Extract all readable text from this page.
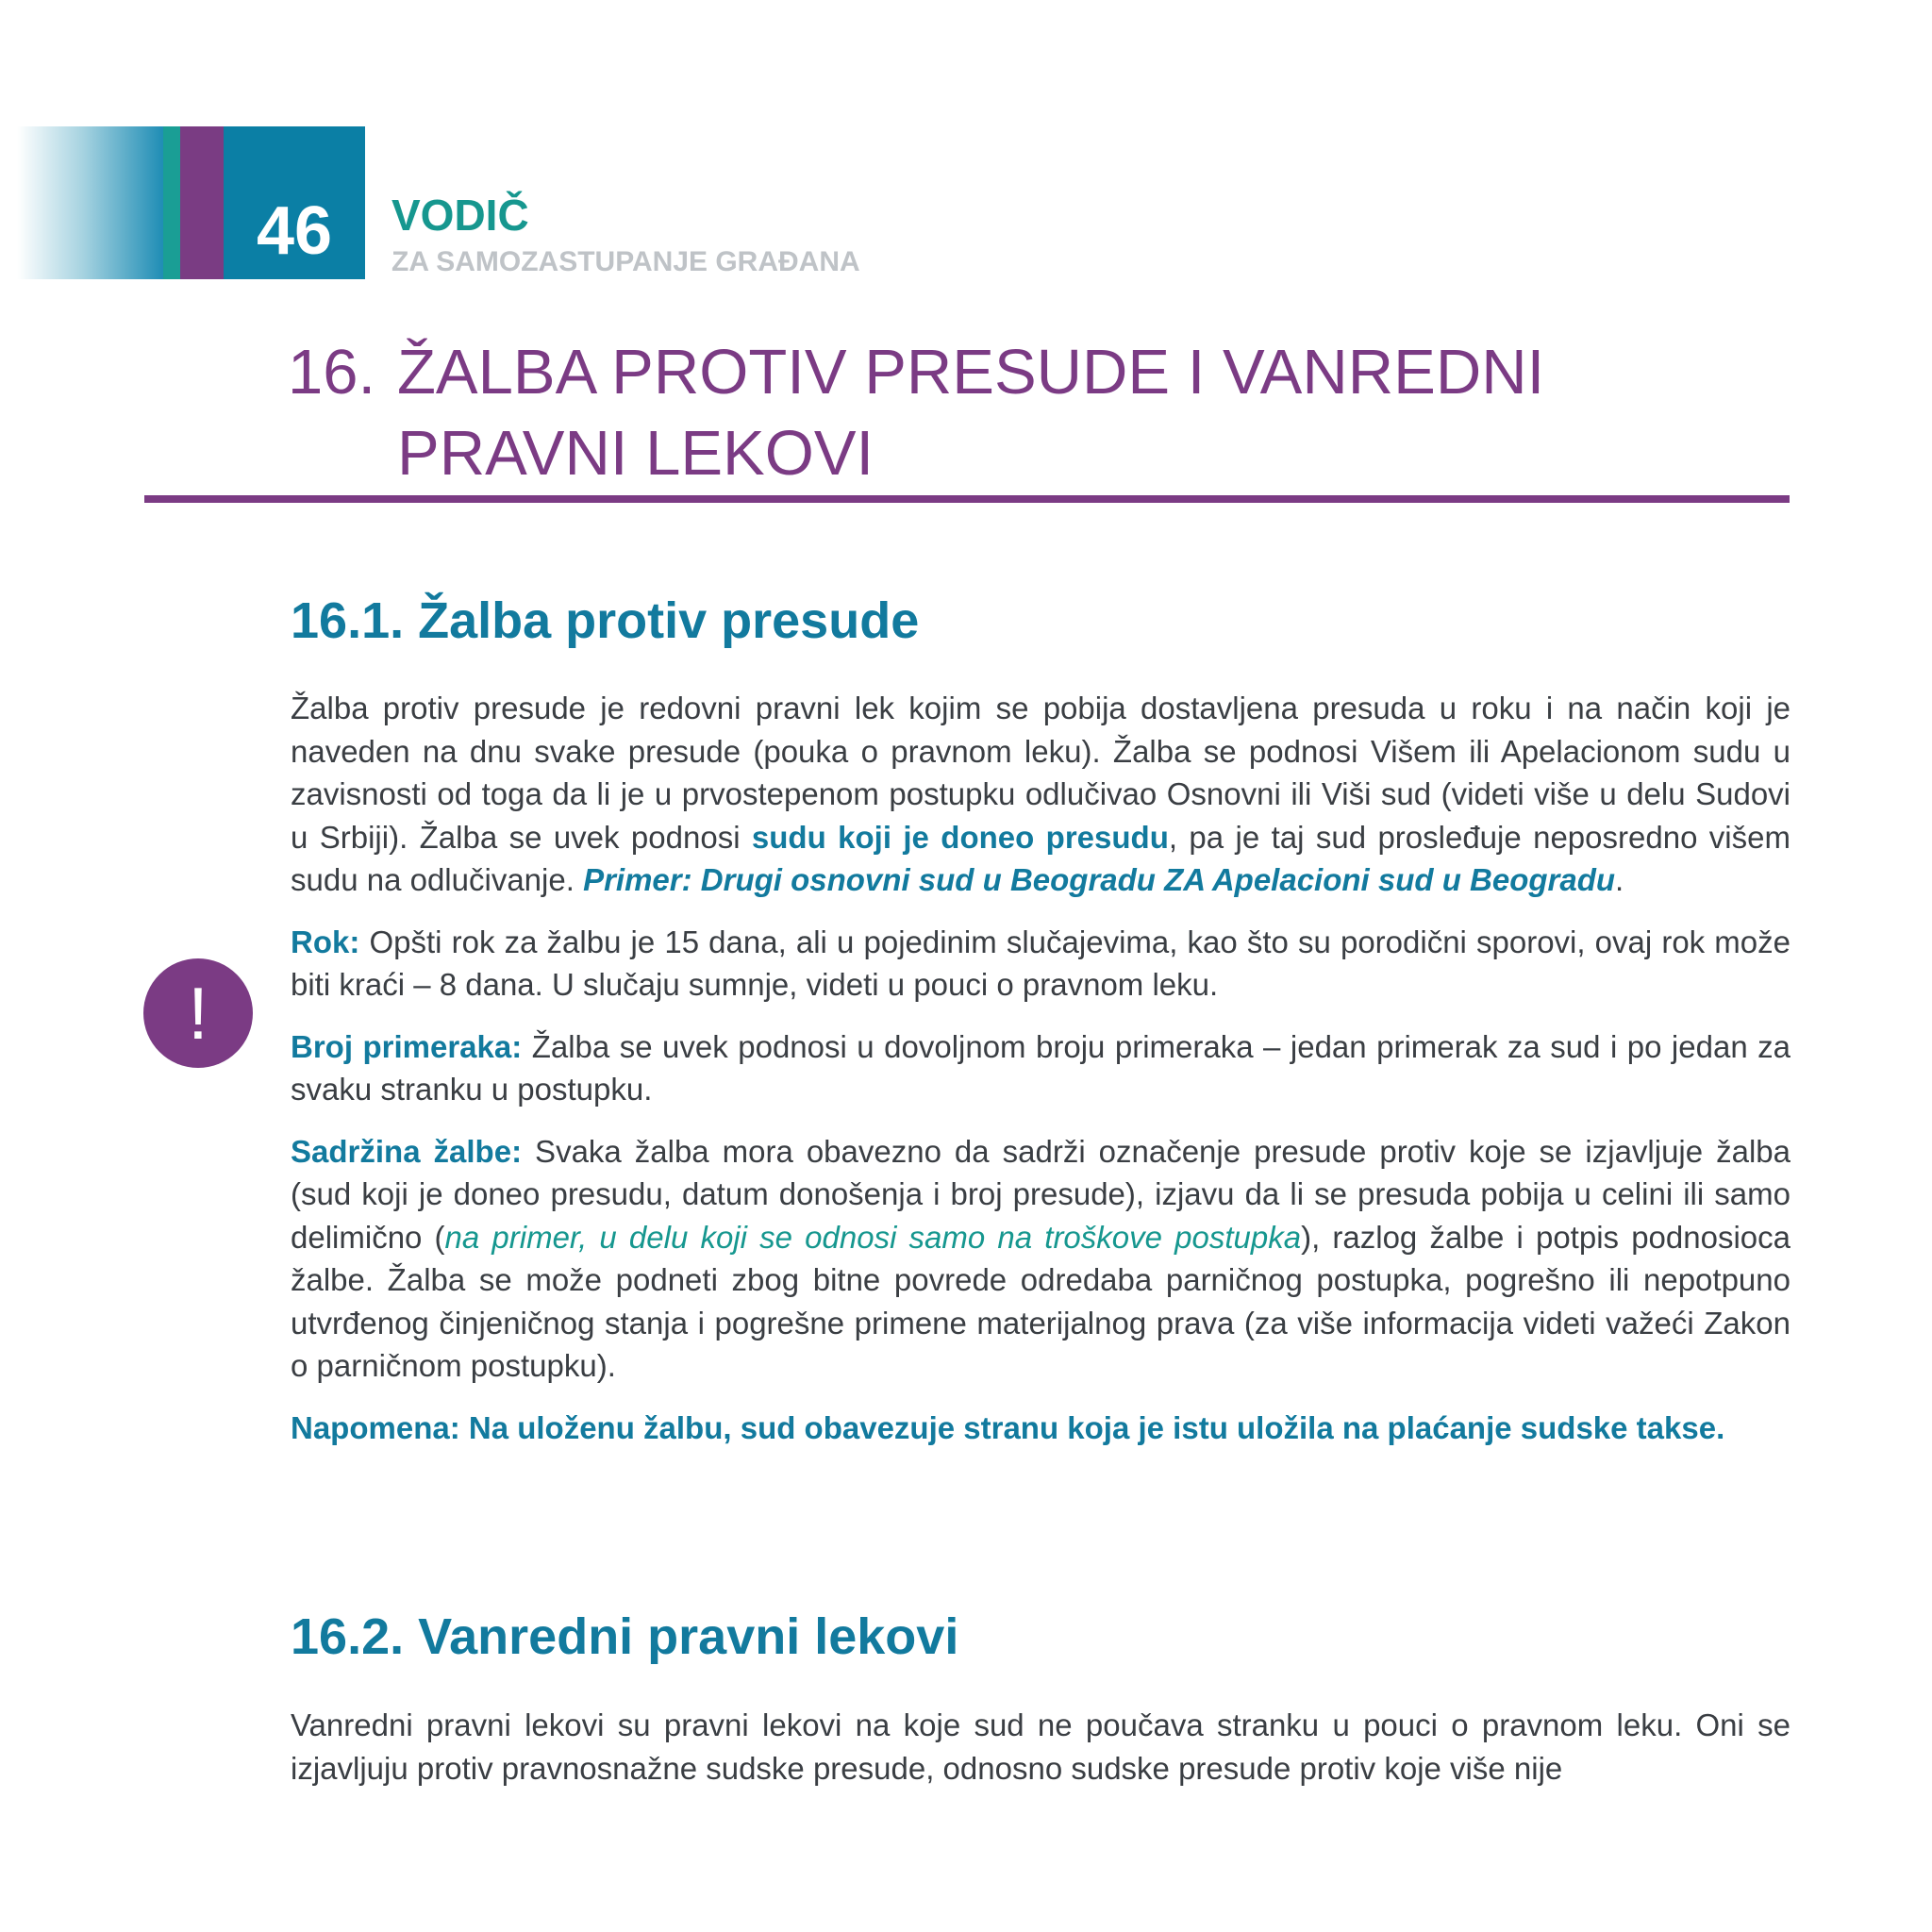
46	VODIČ
ZA SAMOZASTUPANJE GRAĐANA
16. ŽALBA PROTIV PRESUDE I VANREDNI
PRAVNI LEKOVI
16.1. Žalba protiv presude

Žalba protiv presude je redovni pravni lek kojim se pobija dostavljena presuda u roku i na način koji je naveden na dnu svake presude (pouka o pravnom leku). Žalba se podnosi Višem ili Apelacionom sudu u zavisnosti od toga da li je u prvostepenom postupku odlučivao Osnovni ili Viši sud (videti više u delu Sudovi u Srbiji). Žalba se uvek podnosi sudu koji je doneo presudu, pa je taj sud prosleđuje neposredno višem sudu na odlučivanje. Primer: Drugi osnovni sud u Beogradu ZA Apelacioni sud u Beogradu.

Rok: Opšti rok za žalbu je 15 dana, ali u pojedinim slučajevima, kao što su porodični sporovi, ovaj rok može biti kraći – 8 dana. U slučaju sumnje, videti u pouci o pravnom leku.

Broj primeraka: Žalba se uvek podnosi u dovoljnom broju primeraka – jedan primerak za sud i po jedan za svaku stranku u postupku.

Sadržina žalbe: Svaka žalba mora obavezno da sadrži označenje presude protiv koje se izjavljuje žalba (sud koji je doneo presudu, datum donošenja i broj presude), izjavu da li se presuda pobija u celini ili samo delimično (na primer, u delu koji se odnosi samo na troškove postupka), razlog žalbe i potpis podnosioca žalbe. Žalba se može podneti zbog bitne povrede odredaba parničnog postupka, pogrešno ili nepotpuno utvrđenog činjeničnog stanja i pogrešne primene materijalnog prava (za više informacija videti važeći Zakon o parničnom postupku).

Napomena: Na uloženu žalbu, sud obavezuje stranu koja je istu uložila na plaćanje sudske takse.

!
16.2. Vanredni pravni lekovi

Vanredni pravni lekovi su pravni lekovi na koje sud ne poučava stranku u pouci o pravnom leku. Oni se izjavljuju protiv pravnosnažne sudske presude, odnosno sudske presude protiv koje više nije
